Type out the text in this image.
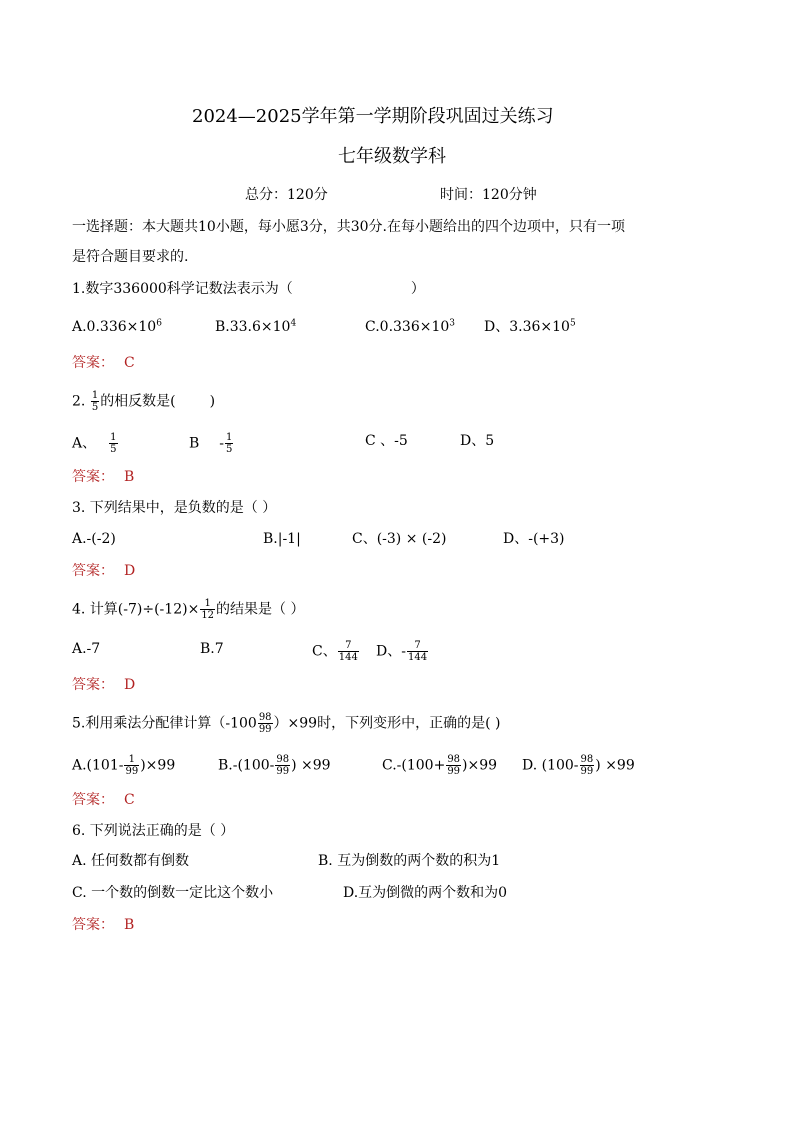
2024—2025学年第一学期阶段巩固过关练习
七年级数学科
总分：120分	时间：120分钟
一选择题：本大题共10小题，每小愿3分，共30分.在每小题给出的四个边项中，只有一项
是符合题目要求的.
1.数字336000科学记数法表示为（	）
$A.0.336\times 10^6$	$B.33.6\times 10^4$	$C.0.336\times 10^3$ D、$3.36\times 10^5$
答案： C
2. $\frac{1}{5}$ 的相反数是( )
A、 $\frac{1}{5}$	B - $\frac{1}{5}$	C 、-5	D、5
答案： B
3. 下列结果中，是负数的是（ ）
A.-(-2)	B.|-1|	C、(-3) × (-2)	D、-(+3)
答案： D
4. 计算$(-7)\div(-12)\times \frac{1}{12}$ 的结果是（ ）
A.-7	B.7	C、 $\frac{7}{144}$ D、- $\frac{7}{144}$
答案： D
5.利用乘法分配律计算$(-100 \frac{98}{99} )\times 99$时，下列变形中，正确的是( )
$A.(101- \frac{1}{99} )\times 99$	$B.-(100- \frac{98}{99}$ ) ×99	$C.-(100+ \frac{98}{99} )\times 99$ D. ($100- \frac{98}{99}$ ) ×99
答案： C
6. 下列说法正确的是（ ）
A. 任何数都有倒数	B. 互为倒数的两个数的积为1
C. 一个数的倒数一定比这个数小	D.互为倒微的两个数和为0
答案： B
